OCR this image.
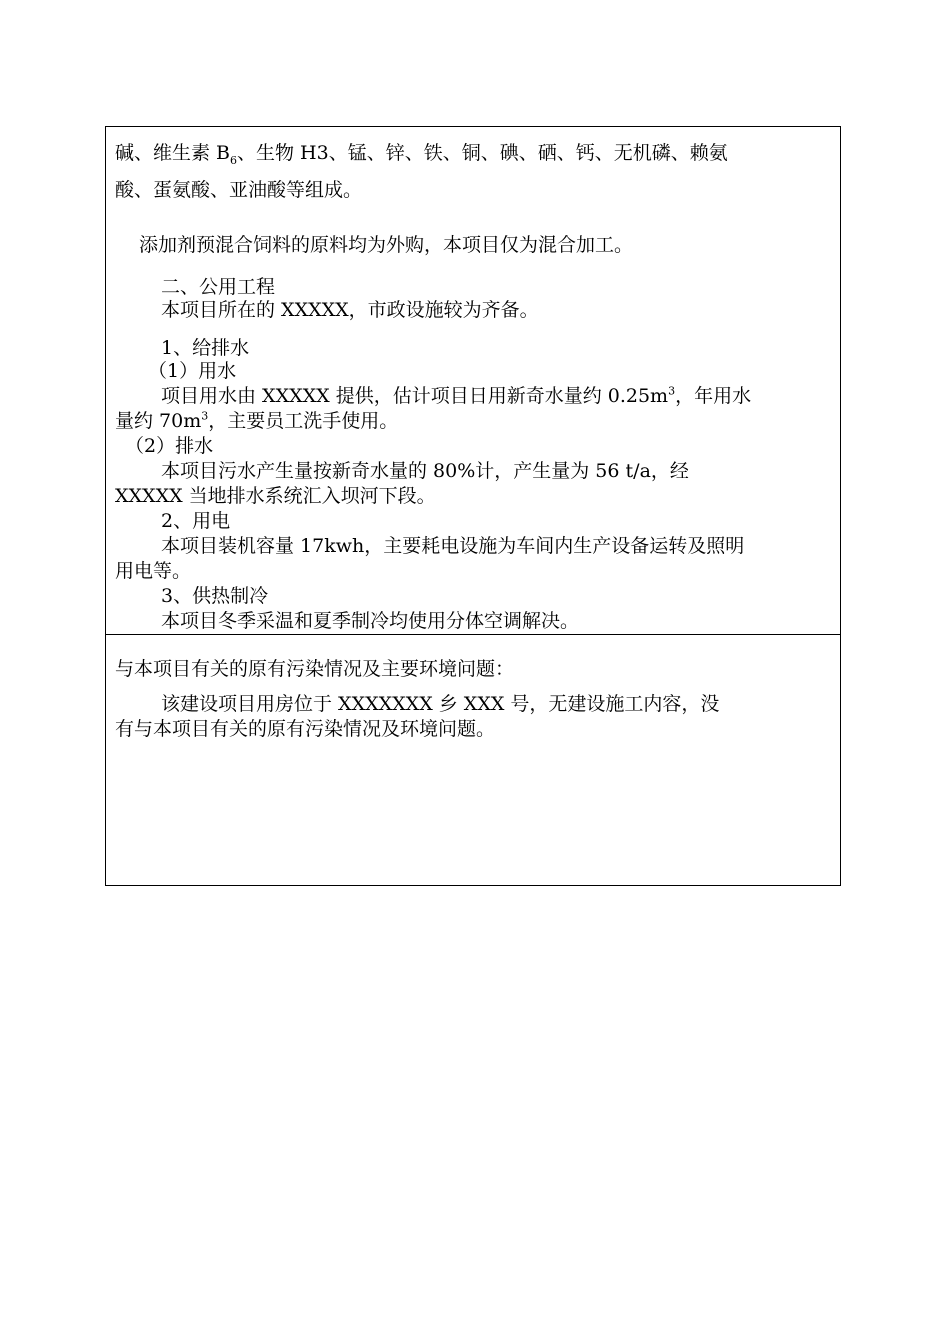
碱、维生素 $B_6$、生物 H3、锰、锌、铁、铜、碘、硒、钙、无机磷、赖氨
酸、蛋氨酸、亚油酸等组成。
添加剂预混合饲料的原料均为外购，本项目仅为混合加工。
二、公用工程
本项目所在的 XXXXX，市政设施较为齐备。
1、给排水
（1）用水
项目用水由 XXXXX 提供，估计项目日用新奇水量约 $0.25m^3$，年用水
量约 $70m^3$，主要员工洗手使用。
（2）排水
本项目污水产生量按新奇水量的 80%计，产生量为 56 t/a，经
XXXXX 当地排水系统汇入坝河下段。
2、用电
本项目装机容量 17kwh，主要耗电设施为车间内生产设备运转及照明
用电等。
3、供热制冷
本项目冬季采温和夏季制冷均使用分体空调解决。
与本项目有关的原有污染情况及主要环境问题：
该建设项目用房位于 XXXXXXX 乡 XXX 号，无建设施工内容，没
有与本项目有关的原有污染情况及环境问题。
